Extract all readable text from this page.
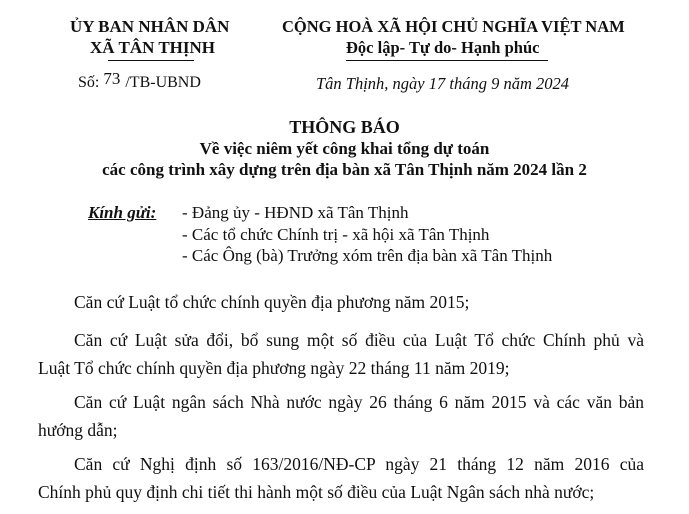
ỦY BAN NHÂN DÂN
XÃ TÂN THỊNH
Số: 73 /TB-UBND
CỘNG HOÀ XÃ HỘI CHỦ NGHĨA VIỆT NAM
Độc lập- Tự do- Hạnh phúc
Tân Thịnh, ngày 17 tháng 9 năm 2024
THÔNG BÁO
Về việc niêm yết công khai tổng dự toán
các công trình xây dựng trên địa bàn xã Tân Thịnh năm 2024 lần 2
Kính gửi: - Đảng ủy - HĐND xã Tân Thịnh
- Các tổ chức Chính trị - xã hội xã Tân Thịnh
- Các Ông (bà) Trưởng xóm trên địa bàn xã Tân Thịnh
Căn cứ Luật tổ chức chính quyền địa phương năm 2015;
Căn cứ Luật sửa đổi, bổ sung một số điều của Luật Tổ chức Chính phủ và
Luật Tổ chức chính quyền địa phương ngày 22 tháng 11 năm 2019;
Căn cứ Luật ngân sách Nhà nước ngày 26 tháng 6 năm 2015 và các văn bản
hướng dẫn;
Căn cứ Nghị định số 163/2016/NĐ-CP ngày 21 tháng 12 năm 2016 của
Chính phủ quy định chi tiết thi hành một số điều của Luật Ngân sách nhà nước;
